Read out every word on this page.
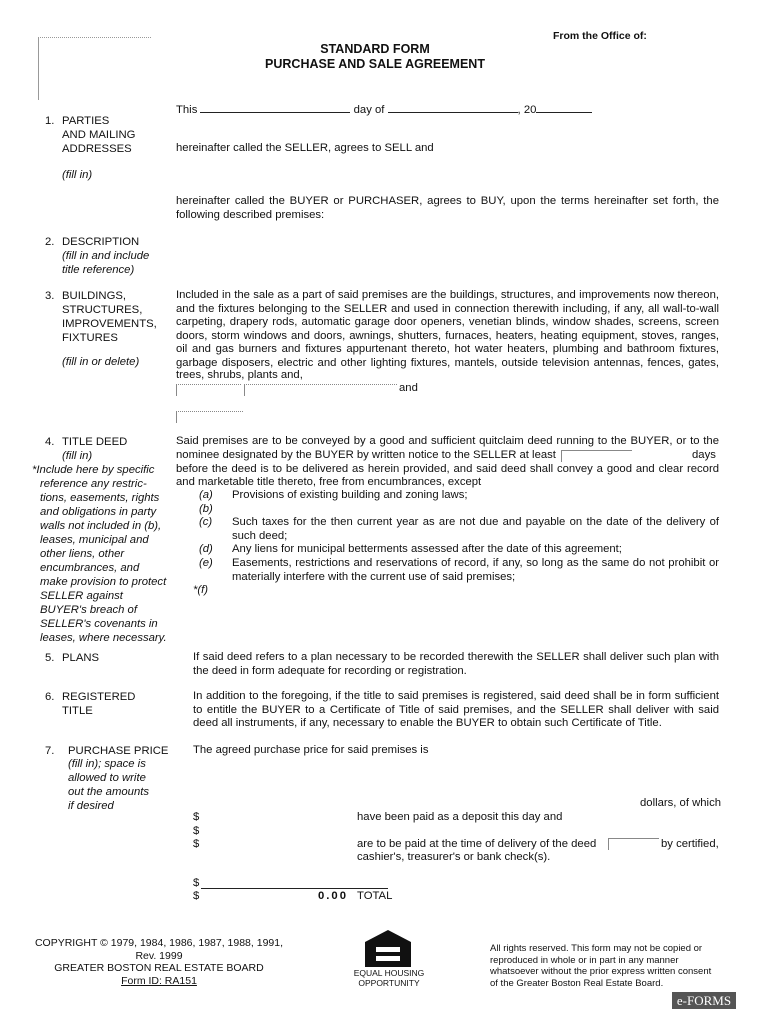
From the Office of:
STANDARD FORM
PURCHASE AND SALE AGREEMENT
This	day of	, 20
1. PARTIES
AND MAILING
ADDRESSES
(fill in)
hereinafter called the SELLER, agrees to SELL and
hereinafter called the BUYER or PURCHASER, agrees to BUY, upon the terms hereinafter set forth, the following described premises:
2. DESCRIPTION
(fill in and include
title reference)
3. BUILDINGS,
STRUCTURES,
IMPROVEMENTS,
FIXTURES
(fill in or delete)
Included in the sale as a part of said premises are the buildings, structures, and improvements now thereon, and the fixtures belonging to the SELLER and used in connection therewith including, if any, all wall-to-wall carpeting, drapery rods, automatic garage door openers, venetian blinds, window shades, screens, screen doors, storm windows and doors, awnings, shutters, furnaces, heaters, heating equipment, stoves, ranges, oil and gas burners and fixtures appurtenant thereto, hot water heaters, plumbing and bathroom fixtures, garbage disposers, electric and other lighting fixtures, mantels, outside television antennas, fences, gates,
trees, shrubs, plants and,
and
4. TITLE DEED
(fill in)
*Include here by specific
reference any restric-
tions, easements, rights
and obligations in party
walls not included in (b),
leases, municipal and
other liens, other
encumbrances, and
make provision to protect
SELLER against
BUYER's breach of
SELLER's covenants in
leases, where necessary.
Said premises are to be conveyed by a good and sufficient quitclaim deed running to the BUYER, or to the
nominee designated by the BUYER by written notice to the SELLER at least	days
before the deed is to be delivered as herein provided, and said deed shall convey a good and clear record
and marketable title thereto, free from encumbrances, except
(a) Provisions of existing building and zoning laws;
(b)
(c) Such taxes for the then current year as are not due and payable on the date of the delivery of such deed;
(d) Any liens for municipal betterments assessed after the date of this agreement;
(e) Easements, restrictions and reservations of record, if any, so long as the same do not prohibit or materially interfere with the current use of said premises;
*(f)
5. PLANS	If said deed refers to a plan necessary to be recorded therewith the SELLER shall deliver such plan with the deed in form adequate for recording or registration.
6. REGISTERED
TITLE
In addition to the foregoing, if the title to said premises is registered, said deed shall be in form sufficient to entitle the BUYER to a Certificate of Title of said premises, and the SELLER shall deliver with said deed all instruments, if any, necessary to enable the BUYER to obtain such Certificate of Title.
7. PURCHASE PRICE
(fill in); space is
allowed to write
out the amounts
if desired
The agreed purchase price for said premises is
dollars, of which
$	have been paid as a deposit this day and
$
$	are to be paid at the time of delivery of the deed	by certified,
cashier's, treasurer's or bank check(s).
$
$	0.00 TOTAL
COPYRIGHT © 1979, 1984, 1986, 1987, 1988, 1991,
Rev. 1999
GREATER BOSTON REAL ESTATE BOARD
Form ID: RA151
EQUAL HOUSING
OPPORTUNITY
All rights reserved. This form may not be copied or
reproduced in whole or in part in any manner
whatsoever without the prior express written consent
of the Greater Boston Real Estate Board.
e-FORMS
